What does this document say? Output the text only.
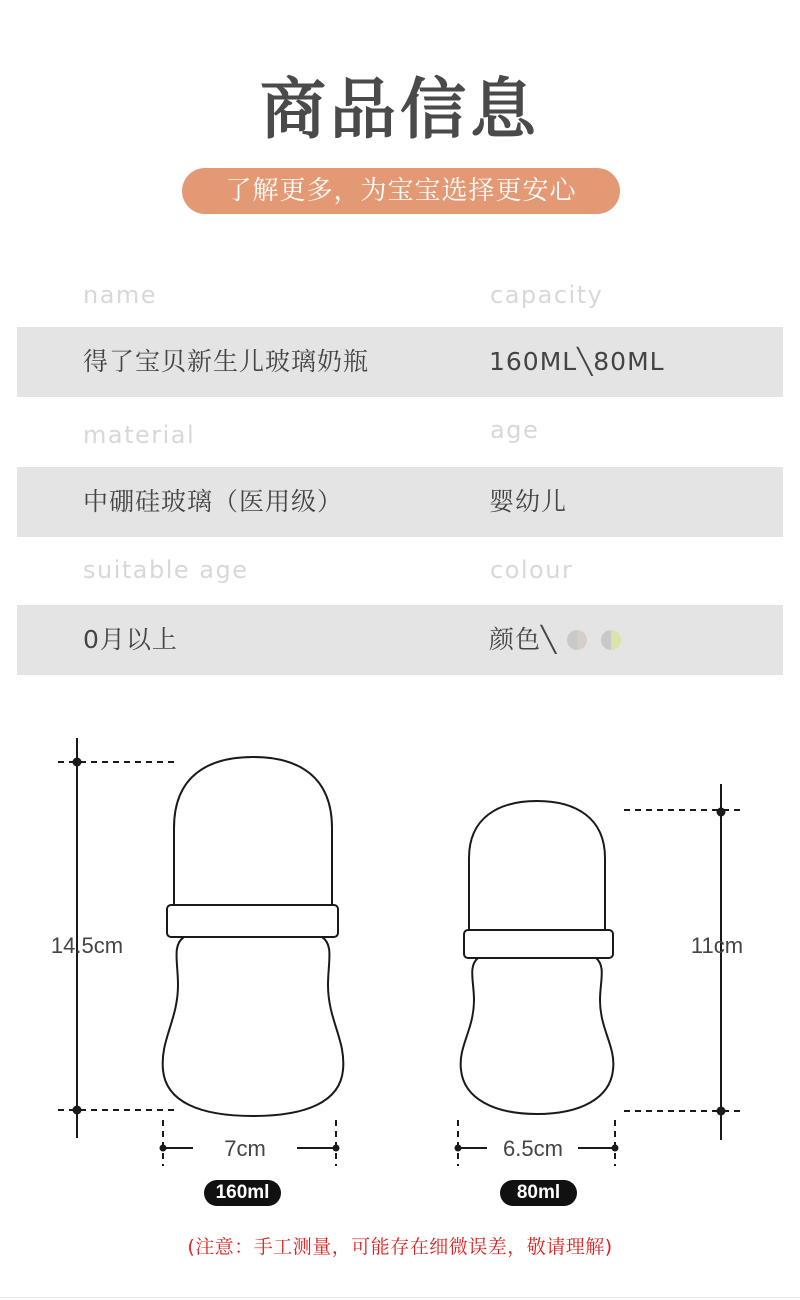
商品信息
了解更多，为宝宝选择更安心
name	capacity
得了宝贝新生儿玻璃奶瓶	160ML╲80ML
material	age
中硼硅玻璃（医用级）	婴幼儿
suitable age	colour
0月以上	颜色╲
14.5cm
7cm
11cm
6.5cm
160ml	80ml
(注意：手工测量，可能存在细微误差，敬请理解)
